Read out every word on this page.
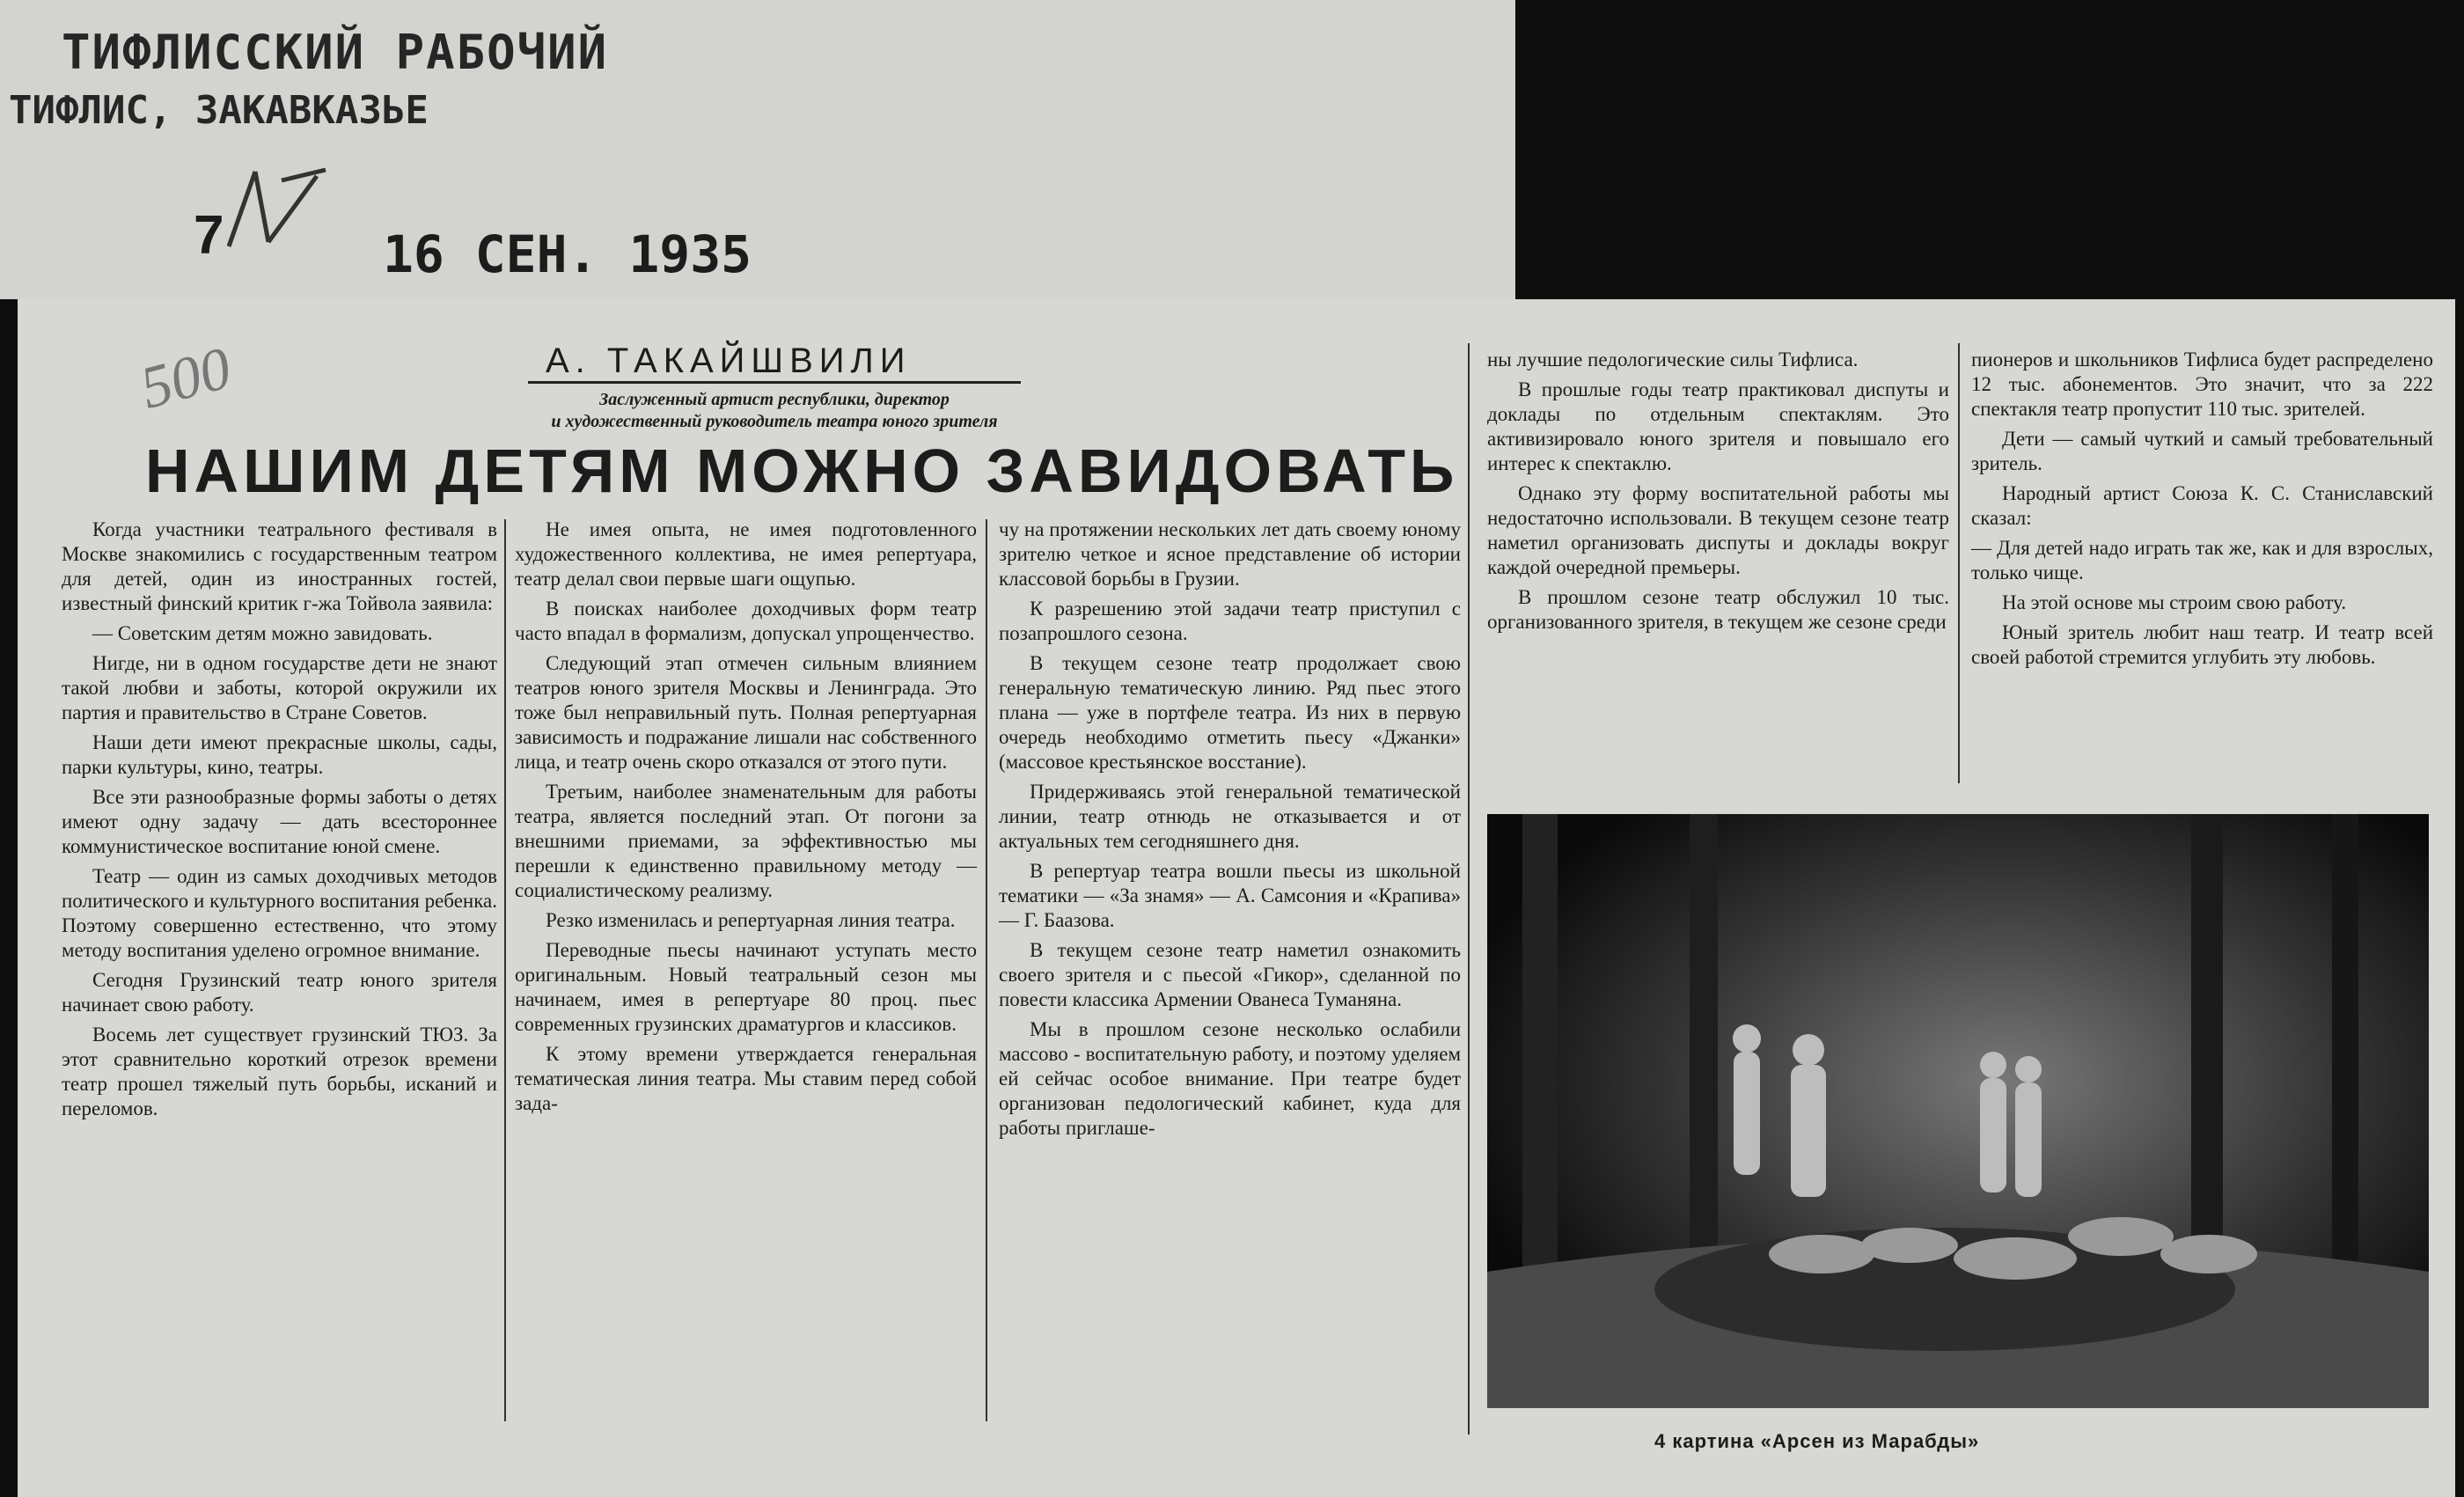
ТИФЛИССКИЙ РАБОЧИЙ
ТИФЛИС, ЗАКАВКАЗЬЕ
7	16 СЕН. 1935
500	А. ТАКАЙШВИЛИ
Заслуженный артист республики, директор
и художественный руководитель театра юного зрителя
НАШИМ ДЕТЯМ МОЖНО ЗАВИДОВАТЬ

Когда участники театрального фестиваля в Москве знакомились с государственным театром для детей, один из иностранных гостей, известный финский критик г-жа Тойвола заявила:

— Советским детям можно завидовать.

Нигде, ни в одном государстве дети не знают такой любви и заботы, которой окружили их партия и правительство в Стране Советов.

Наши дети имеют прекрасные школы, сады, парки культуры, кино, театры.

Все эти разнообразные формы заботы о детях имеют одну задачу — дать всестороннее коммунистическое воспитание юной смене.

Театр — один из самых доходчивых методов политического и культурного воспитания ребенка. Поэтому совершенно естественно, что этому методу воспитания уделено огромное внимание.

Сегодня Грузинский театр юного зрителя начинает свою работу.

Восемь лет существует грузинский ТЮЗ. За этот сравнительно короткий отрезок времени театр прошел тяжелый путь борьбы, исканий и переломов.

Не имея опыта, не имея подготовленного художественного коллектива, не имея репертуара, театр делал свои первые шаги ощупью.

В поисках наиболее доходчивых форм театр часто впадал в формализм, допускал упрощенчество.

Следующий этап отмечен сильным влиянием театров юного зрителя Москвы и Ленинграда. Это тоже был неправильный путь. Полная репертуарная зависимость и подражание лишали нас собственного лица, и театр очень скоро отказался от этого пути.

Третьим, наиболее знаменательным для работы театра, является последний этап. От погони за внешними приемами, за эффективностью мы перешли к единственно правильному методу — социалистическому реализму.

Резко изменилась и репертуарная линия театра.

Переводные пьесы начинают уступать место оригинальным. Новый театральный сезон мы начинаем, имея в репертуаре 80 проц. пьес современных грузинских драматургов и классиков.

К этому времени утверждается генеральная тематическая линия театра. Мы ставим перед собой зада-

чу на протяжении нескольких лет дать своему юному зрителю четкое и ясное представление об истории классовой борьбы в Грузии.

К разрешению этой задачи театр приступил с позапрошлого сезона.

В текущем сезоне театр продолжает свою генеральную тематическую линию. Ряд пьес этого плана — уже в портфеле театра. Из них в первую очередь необходимо отметить пьесу «Джанки» (массовое крестьянское восстание).

Придерживаясь этой генеральной тематической линии, театр отнюдь не отказывается и от актуальных тем сегодняшнего дня.

В репертуар театра вошли пьесы из школьной тематики — «За знамя» — А. Самсония и «Крапива» — Г. Баазова.

В текущем сезоне театр наметил ознакомить своего зрителя и с пьесой «Гикор», сделанной по повести классика Армении Ованеса Туманяна.

Мы в прошлом сезоне несколько ослабили массово - воспитательную работу, и поэтому уделяем ей сейчас особое внимание. При театре будет организован педологический кабинет, куда для работы приглаше-

ны лучшие педологические силы Тифлиса.

В прошлые годы театр практиковал диспуты и доклады по отдельным спектаклям. Это активизировало юного зрителя и повышало его интерес к спектаклю.

Однако эту форму воспитательной работы мы недостаточно использовали. В текущем сезоне театр наметил организовать диспуты и доклады вокруг каждой очередной премьеры.

В прошлом сезоне театр обслужил 10 тыс. организованного зрителя, в текущем же сезоне среди

пионеров и школьников Тифлиса будет распределено 12 тыс. абонементов. Это значит, что за 222 спектакля театр пропустит 110 тыс. зрителей.

Дети — самый чуткий и самый требовательный зритель.

Народный артист Союза К. С. Станиславский сказал:

— Для детей надо играть так же, как и для взрослых, только чище.

На этой основе мы строим свою работу.

Юный зритель любит наш театр. И театр всей своей работой стремится углубить эту любовь.

4 картина «Арсен из Марабды»
